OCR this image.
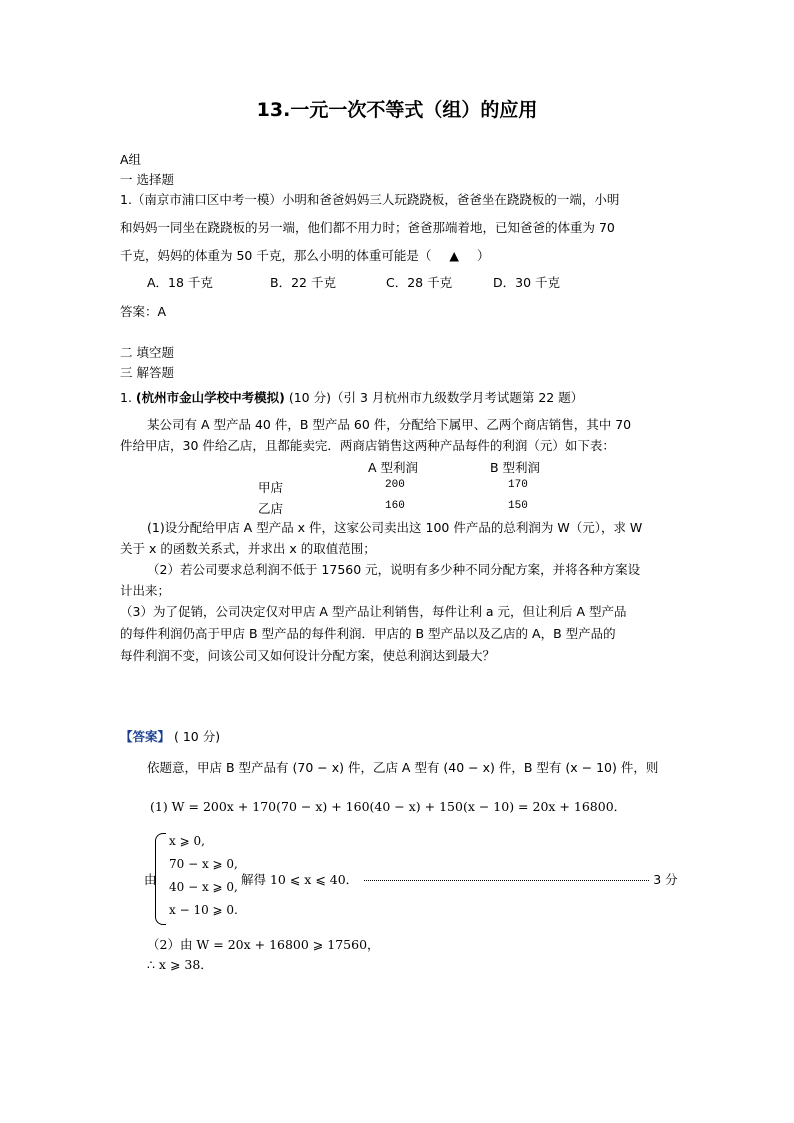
13.一元一次不等式（组）的应用
A组
一 选择题
1.（南京市浦口区中考一模）小明和爸爸妈妈三人玩跷跷板，爸爸坐在跷跷板的一端，小明
和妈妈一同坐在跷跷板的另一端，他们都不用力时；爸爸那端着地，已知爸爸的体重为 70
千克，妈妈的体重为 50 千克，那么小明的体重可能是（ ▲ ）
A．18 千克	B．22 千克	C．28 千克	D．30 千克
答案：A
二 填空题
三 解答题
1. (杭州市金山学校中考模拟) (10 分)（引 3 月杭州市九级数学月考试题第 22 题）
某公司有 A 型产品 40 件，B 型产品 60 件，分配给下属甲、乙两个商店销售，其中 70
件给甲店，30 件给乙店，且都能卖完．两商店销售这两种产品每件的利润（元）如下表：
A 型利润	B 型利润
甲店	200	170
乙店	160	150
(1)设分配给甲店 A 型产品 x 件，这家公司卖出这 100 件产品的总利润为 W（元），求 W
关于 x 的函数关系式，并求出 x 的取值范围；
（2）若公司要求总利润不低于 17560 元，说明有多少种不同分配方案，并将各种方案设
计出来；
（3）为了促销，公司决定仅对甲店 A 型产品让利销售，每件让利 a 元，但让利后 A 型产品
的每件利润仍高于甲店 B 型产品的每件利润．甲店的 B 型产品以及乙店的 A，B 型产品的
每件利润不变，问该公司又如何设计分配方案，使总利润达到最大？
【答案】 ( 10 分)
依题意，甲店 B 型产品有 (70 − x) 件，乙店 A 型有 (40 − x) 件，B 型有 (x − 10) 件，则
(1) W = 200x + 170(70 − x) + 160(40 − x) + 150(x − 10) = 20x + 16800．
由
x ⩾ 0,
70 − x ⩾ 0,
40 − x ⩾ 0,
x − 10 ⩾ 0.
解得 10 ⩽ x ⩽ 40．	3 分
（2）由 W = 20x + 16800 ⩾ 17560，
∴ x ⩾ 38．
